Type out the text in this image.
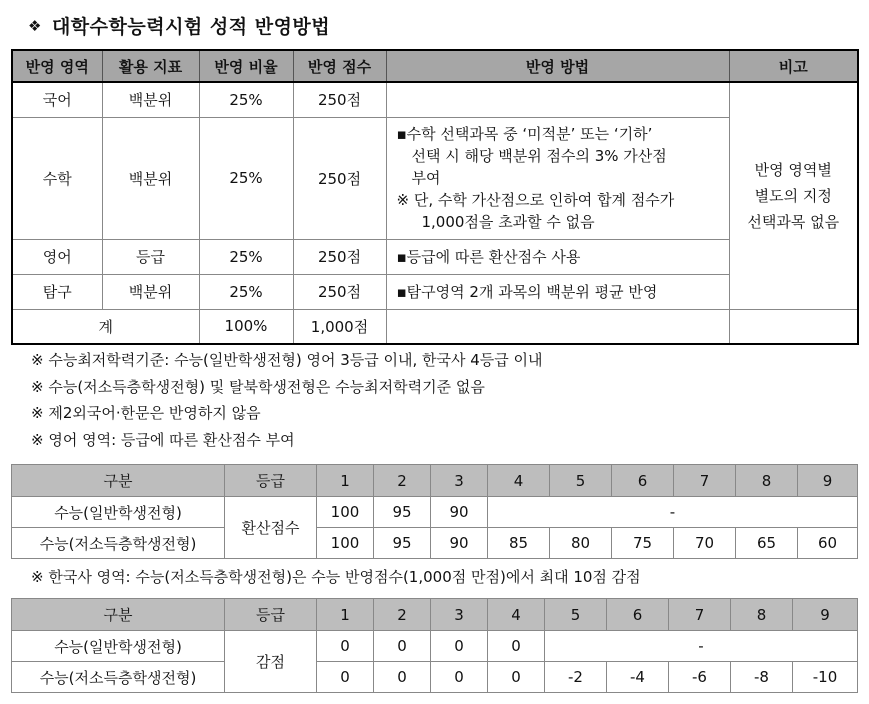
❖ 대학수학능력시험 성적 반영방법
반영 영역	활용 지표	반영 비율	반영 점수	반영 방법	비고
국어	백분위	25%	250점		반영 영역별
별도의 지정
선택과목 없음

수학	백분위	25%	250점	▪수학 선택과목 중 ‘미적분’ 또는 ‘기하’
선택 시 해당 백분위 점수의 3% 가산점
부여
※ 단, 수학 가산점으로 인하여 합계 점수가
1,000점을 초과할 수 없음	

영어	등급	25%	250점	▪등급에 따른 환산점수 사용	
탐구	백분위	25%	250점	▪탐구영역 2개 과목의 백분위 평균 반영	
계		100%	1,000점		
※ 수능최저학력기준: 수능(일반학생전형) 영어 3등급 이내, 한국사 4등급 이내
※ 수능(저소득층학생전형) 및 탈북학생전형은 수능최저학력기준 없음
※ 제2외국어·한문은 반영하지 않음
※ 영어 영역: 등급에 따른 환산점수 부여
구분	등급	1	2	3	4	5	6	7	8	9
수능(일반학생전형)	환산점수	100	95	90	-					
수능(저소득층학생전형)		100	95	90	85	80	75	70	65	60
※ 한국사 영역: 수능(저소득층학생전형)은 수능 반영점수(1,000점 만점)에서 최대 10점 감점
구분	등급	1	2	3	4	5	6	7	8	9
수능(일반학생전형)	감점	0	0	0	0	-				
수능(저소득층학생전형)		0	0	0	0	-2	-4	-6	-8	-10
